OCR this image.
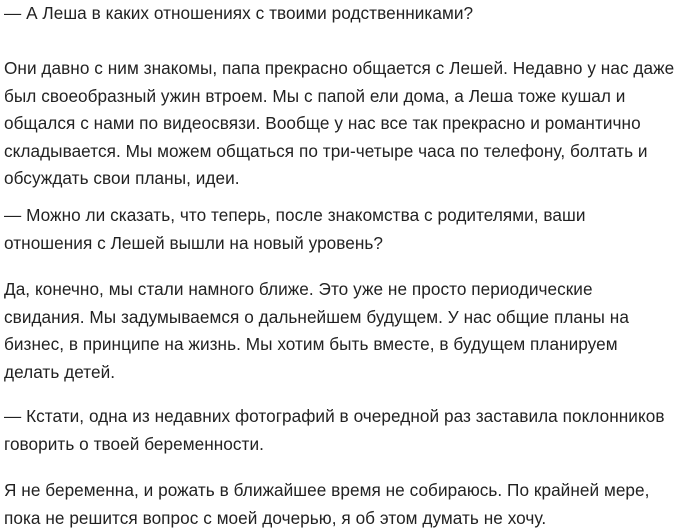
— А Леша в каких отношениях с твоими родственниками?

Они давно с ним знакомы, папа прекрасно общается с Лешей. Недавно у нас даже

был своеобразный ужин втроем. Мы с папой ели дома, а Леша тоже кушал и

общался с нами по видеосвязи. Вообще у нас все так прекрасно и романтично

складывается. Мы можем общаться по три-четыре часа по телефону, болтать и

обсуждать свои планы, идеи.

— Можно ли сказать, что теперь, после знакомства с родителями, ваши

отношения с Лешей вышли на новый уровень?

Да, конечно, мы стали намного ближе. Это уже не просто периодические

свидания. Мы задумываемся о дальнейшем будущем. У нас общие планы на

бизнес, в принципе на жизнь. Мы хотим быть вместе, в будущем планируем

делать детей.

— Кстати, одна из недавних фотографий в очередной раз заставила поклонников

говорить о твоей беременности.

Я не беременна, и рожать в ближайшее время не собираюсь. По крайней мере,

пока не решится вопрос с моей дочерью, я об этом думать не хочу.
